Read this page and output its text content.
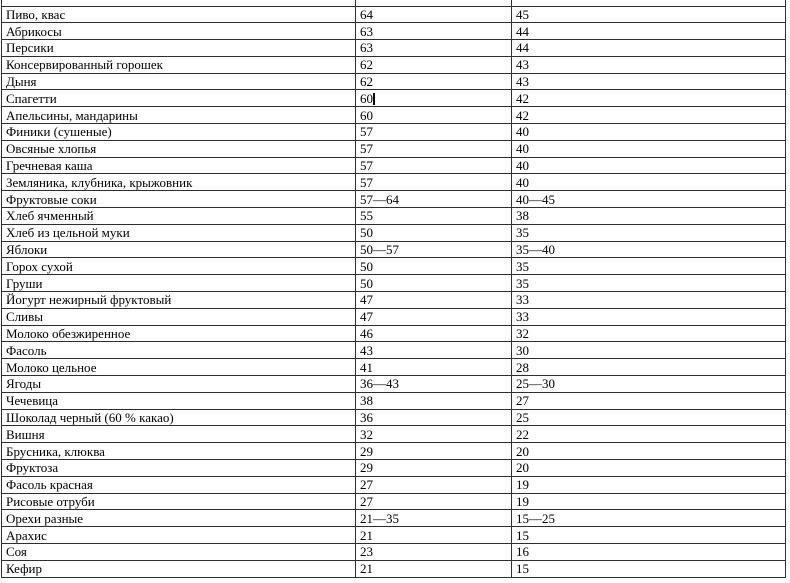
Пиво, квас	64	45
Абрикосы	63	44
Персики	63	44
Консервированный горошек	62	43
Дыня	62	43
Спагетти	60	42
Апельсины, мандарины	60	42
Финики (сушеные)	57	40
Овсяные хлопья	57	40
Гречневая каша	57	40
Земляника, клубника, крыжовник	57	40
Фруктовые соки	57—64	40—45
Хлеб ячменный	55	38
Хлеб из цельной муки	50	35
Яблоки	50—57	35—40
Горох сухой	50	35
Груши	50	35
Йогурт нежирный фруктовый	47	33
Сливы	47	33
Молоко обезжиренное	46	32
Фасоль	43	30
Молоко цельное	41	28
Ягоды	36—43	25—30
Чечевица	38	27
Шоколад черный (60 % какао)	36	25
Вишня	32	22
Брусника, клюква	29	20
Фруктоза	29	20
Фасоль красная	27	19
Рисовые отруби	27	19
Орехи разные	21—35	15—25
Арахис	21	15
Соя	23	16
Кефир	21	15
